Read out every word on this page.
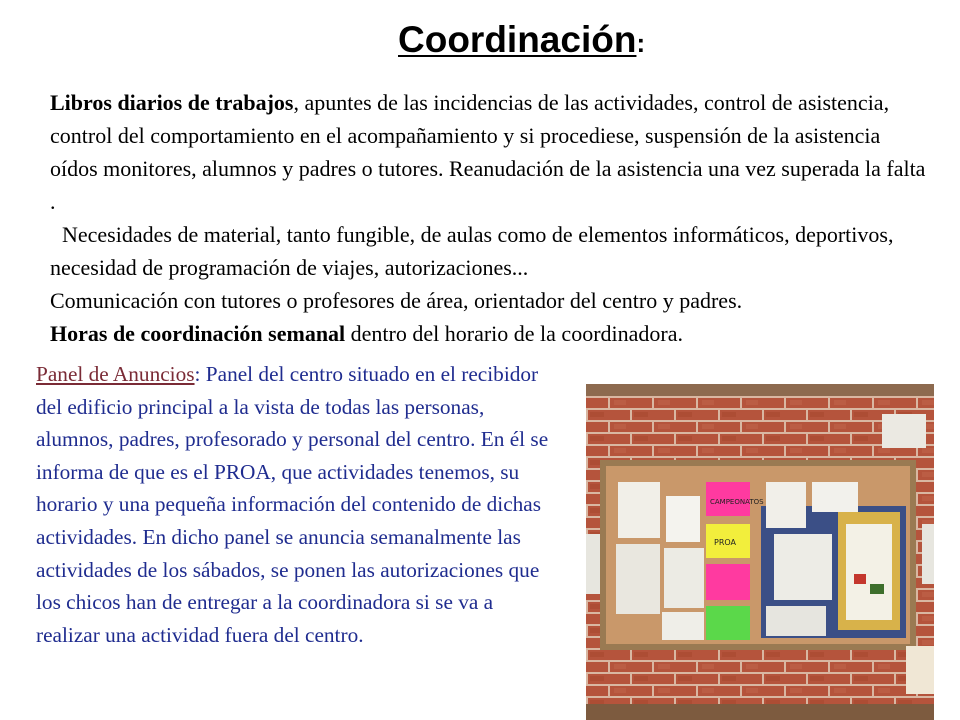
Coordinación:

Libros diarios de trabajos, apuntes de las incidencias de las actividades, control de asistencia, control del comportamiento en el acompañamiento y si procediese, suspensión de la asistencia oídos monitores, alumnos y padres o tutores. Reanudación de la asistencia una vez superada la falta .

Necesidades de material, tanto fungible, de aulas como de elementos informáticos, deportivos, necesidad de programación de viajes, autorizaciones...

Comunicación con tutores o profesores de área, orientador del centro y padres.

Horas de coordinación semanal dentro del horario de la coordinadora.

Panel de Anuncios: Panel del centro situado en el recibidor del edificio principal a la vista de todas las personas, alumnos, padres, profesorado y personal del centro. En él se informa de que es el PROA, que actividades tenemos, su horario y una pequeña información del contenido de dichas actividades. En dicho panel se anuncia semanalmente las actividades de los sábados, se ponen las autorizaciones que los chicos han de entregar a la coordinadora si se va a realizar una actividad fuera del centro.
CAMPEONATOS
PROA
